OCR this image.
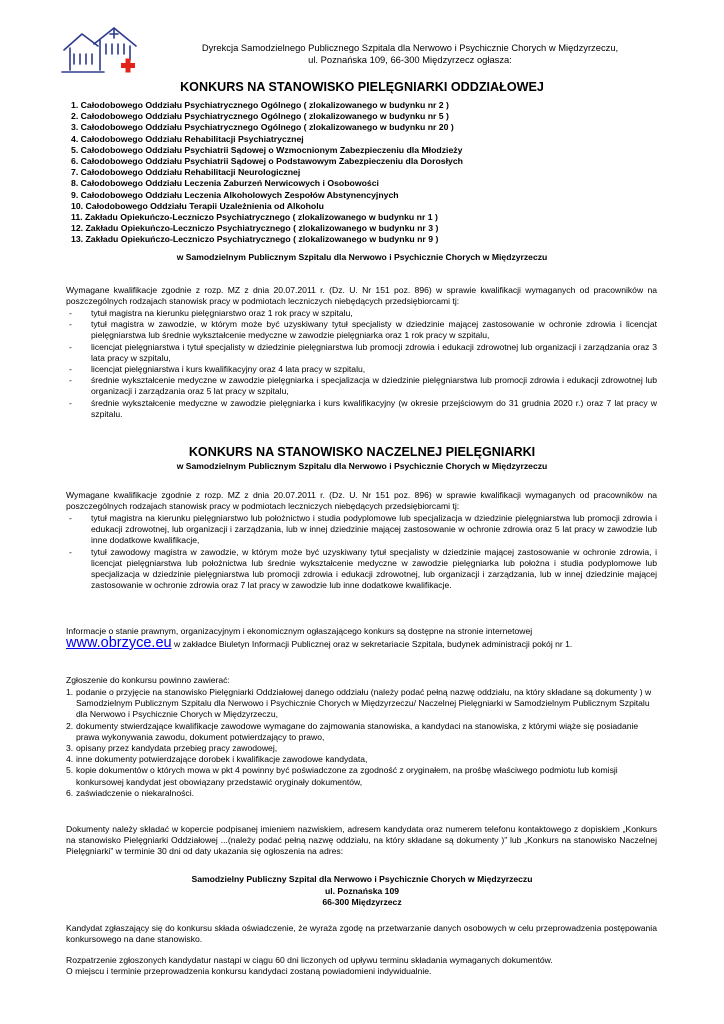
Dyrekcja Samodzielnego Publicznego Szpitala dla Nerwowo i Psychicznie Chorych w Międzyrzeczu,
ul. Poznańska 109, 66-300 Międzyrzecz ogłasza:
KONKURS NA STANOWISKO PIELĘGNIARKI ODDZIAŁOWEJ
1. Całodobowego Oddziału Psychiatrycznego Ogólnego ( zlokalizowanego w budynku nr 2 )
2. Całodobowego Oddziału Psychiatrycznego Ogólnego ( zlokalizowanego w budynku nr 5 )
3. Całodobowego Oddziału Psychiatrycznego Ogólnego ( zlokalizowanego w budynku nr 20 )
4. Całodobowego Oddziału Rehabilitacji Psychiatrycznej
5. Całodobowego Oddziału Psychiatrii Sądowej o Wzmocnionym Zabezpieczeniu dla Młodzieży
6. Całodobowego Oddziału Psychiatrii Sądowej o Podstawowym Zabezpieczeniu dla Dorosłych
7. Całodobowego Oddziału Rehabilitacji Neurologicznej
8. Całodobowego Oddziału Leczenia Zaburzeń Nerwicowych i Osobowości
9. Całodobowego Oddziału Leczenia Alkoholowych Zespołów Abstynencyjnych
10. Całodobowego Oddziału Terapii Uzależnienia od Alkoholu
11. Zakładu Opiekuńczo-Leczniczo Psychiatrycznego ( zlokalizowanego w budynku nr 1 )
12. Zakładu Opiekuńczo-Leczniczo Psychiatrycznego ( zlokalizowanego w budynku nr 3 )
13. Zakładu Opiekuńczo-Leczniczo Psychiatrycznego ( zlokalizowanego w budynku nr 9 )
w Samodzielnym Publicznym Szpitalu dla Nerwowo i Psychicznie Chorych w Międzyrzeczu
Wymagane kwalifikacje zgodnie z rozp. MZ z dnia 20.07.2011 r. (Dz. U. Nr 151 poz. 896) w sprawie kwalifikacji wymaganych od pracowników na poszczególnych rodzajach stanowisk pracy w podmiotach leczniczych niebędących przedsiębiorcami tj:
- tytuł magistra na kierunku pielęgniarstwo oraz 1 rok pracy w szpitalu,
- tytuł magistra w zawodzie, w którym może być uzyskiwany tytuł specjalisty w dziedzinie mającej zastosowanie w ochronie zdrowia i licencjat pielęgniarstwa lub średnie wykształcenie medyczne w zawodzie pielęgniarka oraz 1 rok pracy w szpitalu,
- licencjat pielęgniarstwa i tytuł specjalisty w dziedzinie pielęgniarstwa lub promocji zdrowia i edukacji zdrowotnej lub organizacji i zarządzania oraz 3 lata pracy w szpitalu,
- licencjat pielęgniarstwa i kurs kwalifikacyjny oraz 4 lata pracy w szpitalu,
- średnie wykształcenie medyczne w zawodzie pielęgniarka i specjalizacja w dziedzinie pielęgniarstwa lub promocji zdrowia i edukacji zdrowotnej lub organizacji i zarządzania oraz 5 lat pracy w szpitalu,
- średnie wykształcenie medyczne w zawodzie pielęgniarka i kurs kwalifikacyjny (w okresie przejściowym do 31 grudnia 2020 r.) oraz 7 lat pracy w szpitalu.
KONKURS NA STANOWISKO NACZELNEJ PIELĘGNIARKI
w Samodzielnym Publicznym Szpitalu dla Nerwowo i Psychicznie Chorych w Międzyrzeczu
Wymagane kwalifikacje zgodnie z rozp. MZ z dnia 20.07.2011 r. (Dz. U. Nr 151 poz. 896) w sprawie kwalifikacji wymaganych od pracowników na poszczególnych rodzajach stanowisk pracy w podmiotach leczniczych niebędących przedsiębiorcami tj:
- tytuł magistra na kierunku pielęgniarstwo lub położnictwo i studia podyplomowe lub specjalizacja w dziedzinie pielęgniarstwa lub promocji zdrowia i edukacji zdrowotnej, lub organizacji i zarządzania, lub w innej dziedzinie mającej zastosowanie w ochronie zdrowia oraz 5 lat pracy w zawodzie lub inne dodatkowe kwalifikacje,
- tytuł zawodowy magistra w zawodzie, w którym może być uzyskiwany tytuł specjalisty w dziedzinie mającej zastosowanie w ochronie zdrowia, i licencjat pielęgniarstwa lub położnictwa lub średnie wykształcenie medyczne w zawodzie pielęgniarka lub położna i studia podyplomowe lub specjalizacja w dziedzinie pielęgniarstwa lub promocji zdrowia i edukacji zdrowotnej, lub organizacji i zarządzania, lub w innej dziedzinie mającej zastosowanie w ochronie zdrowia oraz 7 lat pracy w zawodzie lub inne dodatkowe kwalifikacje.
Informacje o stanie prawnym, organizacyjnym i ekonomicznym ogłaszającego konkurs są dostępne na stronie internetowej
www.obrzyce.eu w zakładce Biuletyn Informacji Publicznej oraz w sekretariacie Szpitala, budynek administracji pokój nr 1.
Zgłoszenie do konkursu powinno zawierać:
1. podanie o przyjęcie na stanowisko Pielęgniarki Oddziałowej danego oddziału (należy podać pełną nazwę oddziału, na który składane są dokumenty ) w Samodzielnym Publicznym Szpitalu dla Nerwowo i Psychicznie Chorych w Międzyrzeczu/ Naczelnej Pielęgniarki w Samodzielnym Publicznym Szpitalu dla Nerwowo i Psychicznie Chorych w Międzyrzeczu,
2. dokumenty stwierdzające kwalifikacje zawodowe wymagane do zajmowania stanowiska, a kandydaci na stanowiska, z którymi wiąże się posiadanie prawa wykonywania zawodu, dokument potwierdzający to prawo,
3. opisany przez kandydata przebieg pracy zawodowej,
4. inne dokumenty potwierdzające dorobek i kwalifikacje zawodowe kandydata,
5. kopie dokumentów o których mowa w pkt 4 powinny być poświadczone za zgodność z oryginałem, na prośbę właściwego podmiotu lub komisji konkursowej kandydat jest obowiązany przedstawić oryginały dokumentów,
6. zaświadczenie o niekaralności.
Dokumenty należy składać w kopercie podpisanej imieniem nazwiskiem, adresem kandydata oraz numerem telefonu kontaktowego z dopiskiem „Konkurs na stanowisko Pielęgniarki Oddziałowej ...(należy podać pełną nazwę oddziału, na który składane są dokumenty )” lub „Konkurs na stanowisko Naczelnej Pielęgniarki” w terminie 30 dni od daty ukazania się ogłoszenia na adres:
Samodzielny Publiczny Szpital dla Nerwowo i Psychicznie Chorych w Międzyrzeczu
ul. Poznańska 109
66-300 Międzyrzecz
Kandydat zgłaszający się do konkursu składa oświadczenie, że wyraża zgodę na przetwarzanie danych osobowych w celu przeprowadzenia postępowania konkursowego na dane stanowisko.
Rozpatrzenie zgłoszonych kandydatur nastąpi w ciągu 60 dni liczonych od upływu terminu składania wymaganych dokumentów.
O miejscu i terminie przeprowadzenia konkursu kandydaci zostaną powiadomieni indywidualnie.
